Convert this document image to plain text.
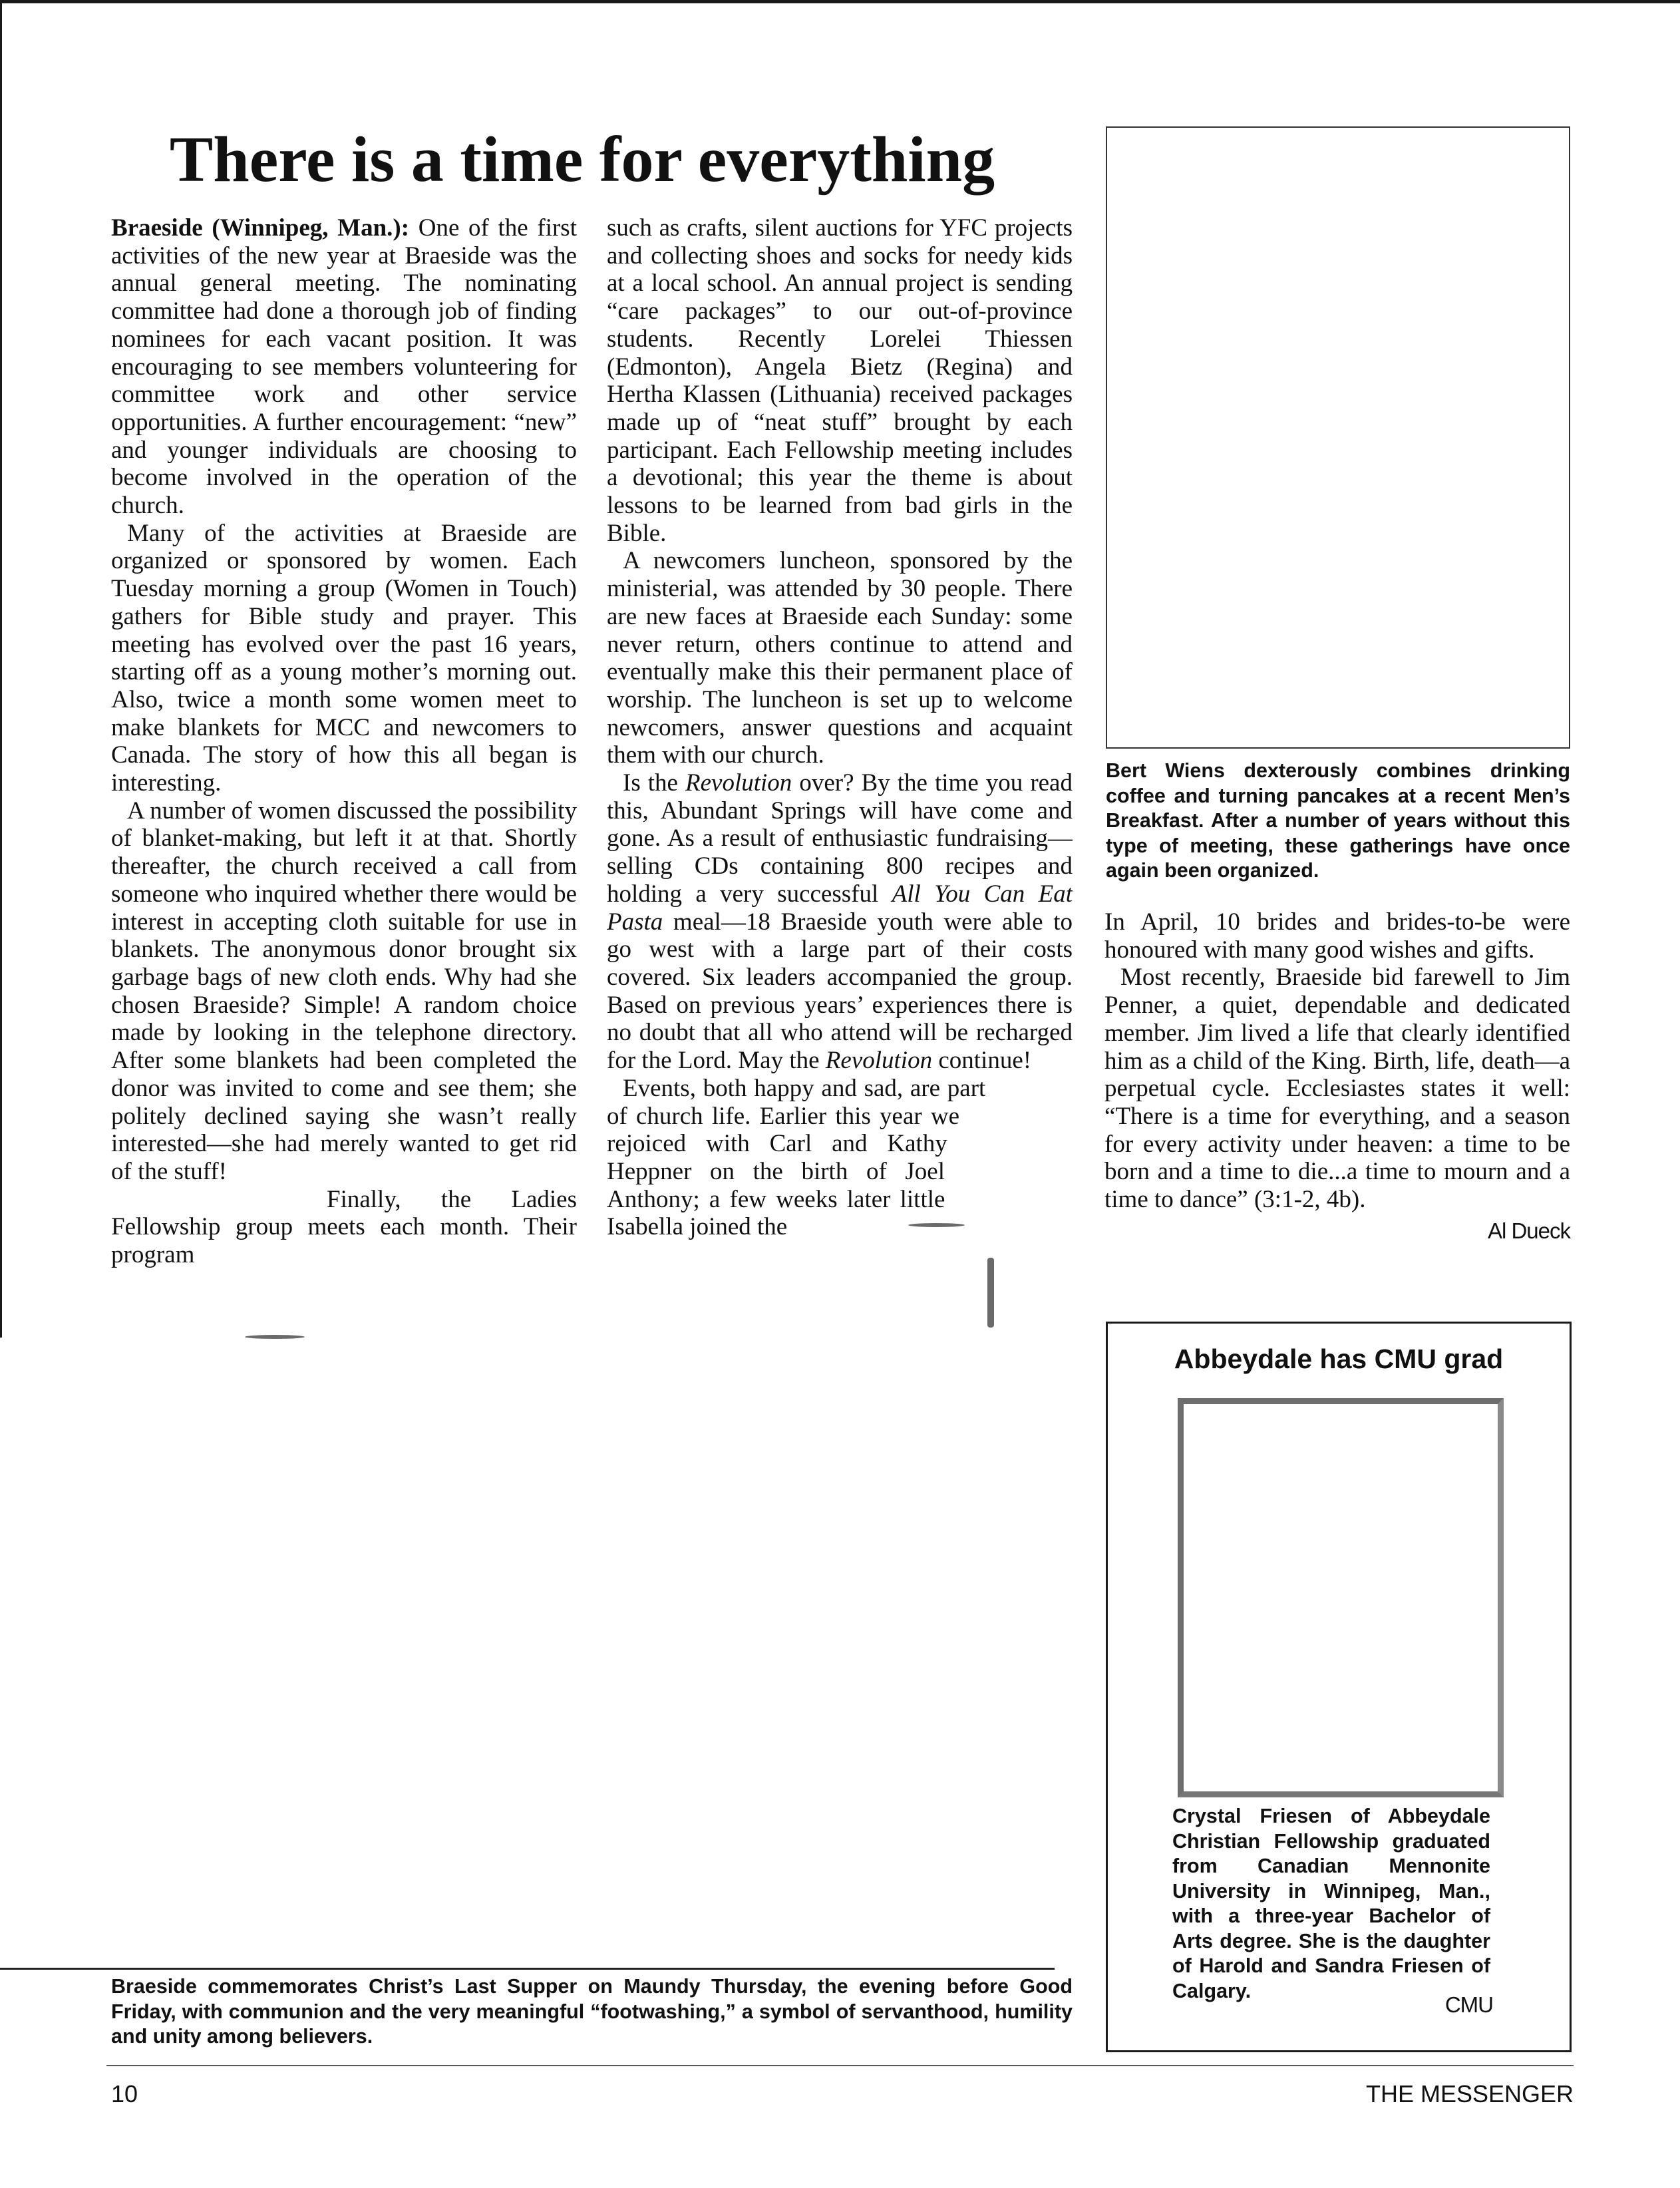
There is a time for everything

Braeside (Winnipeg, Man.): One of the first activities of the new year at Braeside was the annual general meeting. The nominating committee had done a thorough job of finding nominees for each vacant position. It was encouraging to see members volunteering for committee work and other service opportunities. A further encouragement: “new” and younger individuals are choosing to become involved in the operation of the church.

Many of the activities at Braeside are organized or sponsored by women. Each Tuesday morning a group (Women in Touch) gathers for Bible study and prayer. This meeting has evolved over the past 16 years, starting off as a young mother’s morning out. Also, twice a month some women meet to make blankets for MCC and newcomers to Canada. The story of how this all began is interesting.

A number of women discussed the possibility of blanket-making, but left it at that. Shortly thereafter, the church received a call from someone who inquired whether there would be interest in accepting cloth suitable for use in blankets. The anonymous donor brought six garbage bags of new cloth ends. Why had she chosen Braeside? Simple! A random choice made by looking in the telephone directory. After some blankets had been completed the donor was invited to come and see them; she politely declined saying she wasn’t really interested—she had merely wanted to get rid of the stuff!

Finally, the Ladies Fellowship group meets each month. Their program

such as crafts, silent auctions for YFC projects and collecting shoes and socks for needy kids at a local school. An annual project is sending “care packages” to our out-of-province students. Recently Lorelei Thiessen (Edmonton), Angela Bietz (Regina) and Hertha Klassen (Lithuania) received packages made up of “neat stuff” brought by each participant. Each Fellowship meeting includes a devotional; this year the theme is about lessons to be learned from bad girls in the Bible.

A newcomers luncheon, sponsored by the ministerial, was attended by 30 people. There are new faces at Braeside each Sunday: some never return, others continue to attend and eventually make this their permanent place of worship. The luncheon is set up to welcome newcomers, answer questions and acquaint them with our church.

Is the Revolution over? By the time you read this, Abundant Springs will have come and gone. As a result of enthusiastic fundraising—selling CDs containing 800 recipes and holding a very successful All You Can Eat Pasta meal—18 Braeside youth were able to go west with a large part of their costs covered. Six leaders accompanied the group. Based on previous years’ experiences there is no doubt that all who attend will be recharged for the Lord. May the Revolution continue!

Events, both happy and sad, are part of church life. Earlier this year we rejoiced with Carl and Kathy Heppner on the birth of Joel Anthony; a few weeks later little Isabella joined the

Bert Wiens dexterously combines drinking coffee and turning pancakes at a recent Men’s Breakfast. After a number of years without this type of meeting, these gatherings have once again been organized.

In April, 10 brides and brides-to-be were honoured with many good wishes and gifts.

Most recently, Braeside bid farewell to Jim Penner, a quiet, dependable and dedicated member. Jim lived a life that clearly identified him as a child of the King. Birth, life, death—a perpetual cycle. Ecclesiastes states it well: “There is a time for everything, and a season for every activity under heaven: a time to be born and a time to die...a time to mourn and a time to dance” (3:1-2, 4b).

Al Dueck
Abbeydale has CMU grad

Crystal Friesen of Abbeydale Christian Fellowship graduated from Canadian Mennonite University in Winnipeg, Man., with a three-year Bachelor of Arts degree. She is the daughter of Harold and Sandra Friesen of Calgary.

CMU

Braeside commemorates Christ’s Last Supper on Maundy Thursday, the evening before Good Friday, with communion and the very meaningful “footwashing,” a symbol of servanthood, humility and unity among believers.

10	THE MESSENGER
